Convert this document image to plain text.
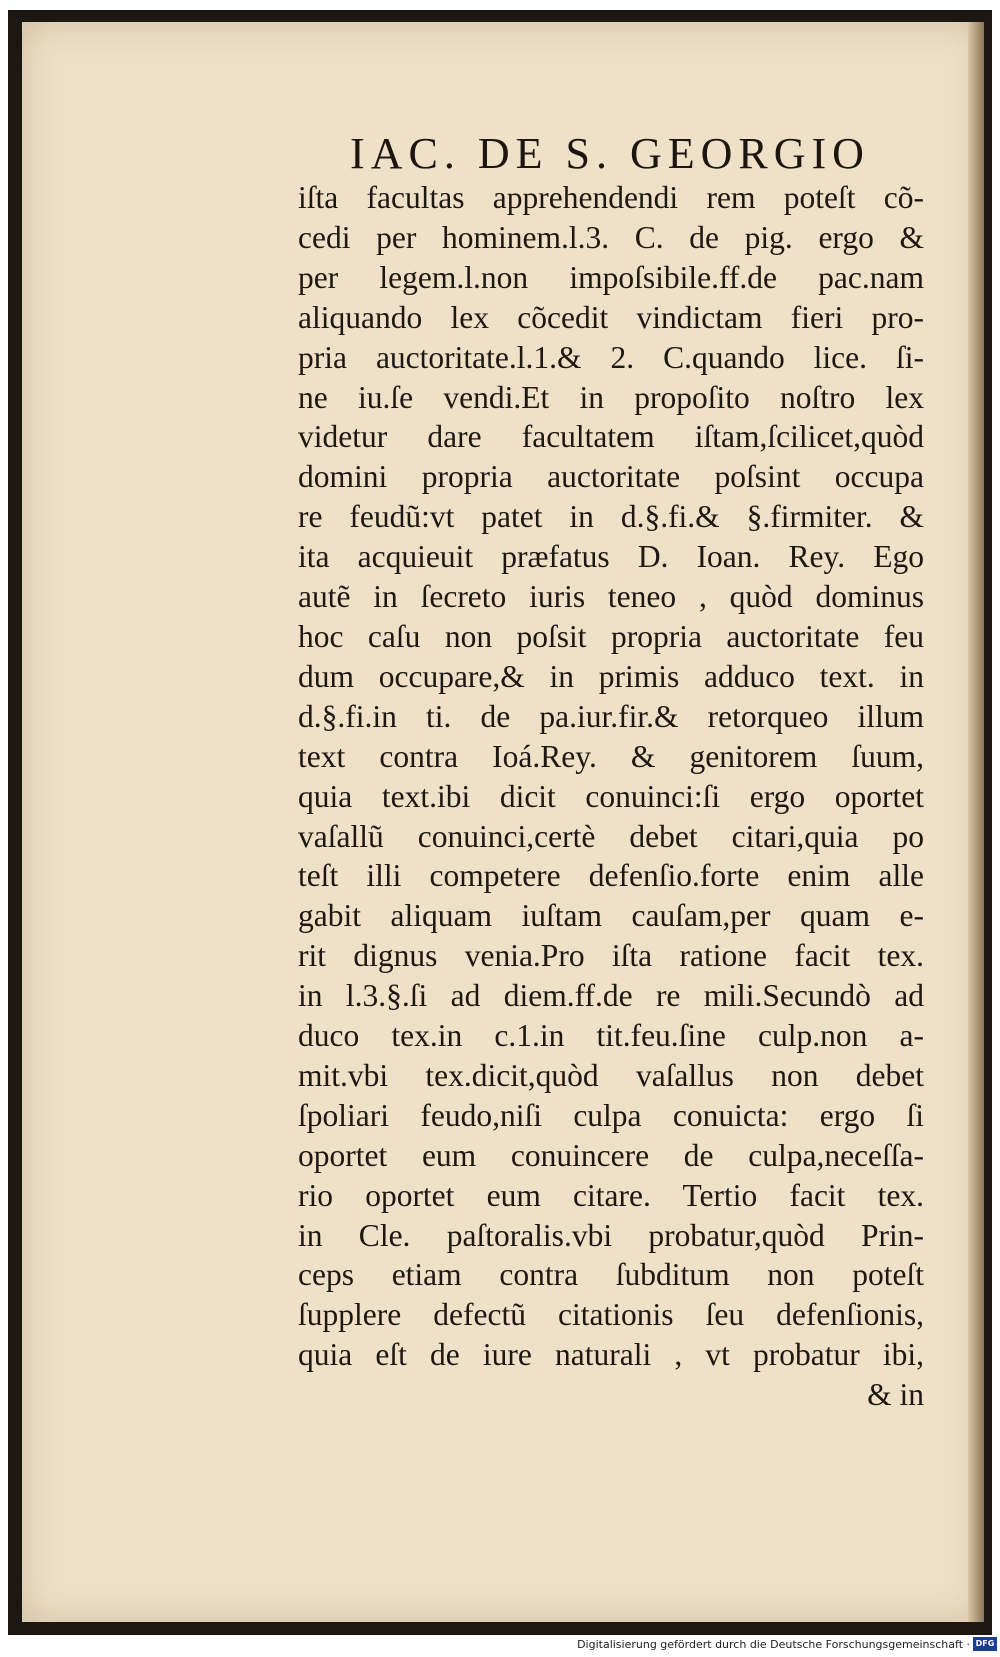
IAC. DE S. GEORGIO
iſta facultas apprehendendi rem poteſt cõ-
cedi per hominem.l.3. C. de pig. ergo &
per legem.l.non impoſsibile.ff.de pac.nam
aliquando lex cõcedit vindictam fieri pro-
pria auctoritate.l.1.& 2. C.quando lice. ſi-
ne iu.ſe vendi.Et in propoſito noſtro lex
videtur dare facultatem iſtam,ſcilicet,quòd
domini propria auctoritate poſsint occupa
re feudũ:vt patet in d.§.fi.& §.firmiter. &
ita acquieuit præfatus D. Ioan. Rey. Ego
autẽ in ſecreto iuris teneo , quòd dominus
hoc caſu non poſsit propria auctoritate feu
dum occupare,& in primis adduco text. in
d.§.fi.in ti. de pa.iur.fir.& retorqueo illum
text contra Ioá.Rey. & genitorem ſuum,
quia text.ibi dicit conuinci:ſi ergo oportet
vaſallũ conuinci,certè debet citari,quia po
teſt illi competere defenſio.forte enim alle
gabit aliquam iuſtam cauſam,per quam e-
rit dignus venia.Pro iſta ratione facit tex.
in l.3.§.ſi ad diem.ff.de re mili.Secundò ad
duco tex.in c.1.in tit.feu.ſine culp.non a-
mit.vbi tex.dicit,quòd vaſallus non debet
ſpoliari feudo,niſi culpa conuicta: ergo ſi
oportet eum conuincere de culpa,neceſſa-
rio oportet eum citare. Tertio facit tex.
in Cle. paſtoralis.vbi probatur,quòd Prin-
ceps etiam contra ſubditum non poteſt
ſupplere defectũ citationis ſeu defenſionis,
quia eſt de iure naturali , vt probatur ibi,
& in
Digitalisierung gefördert durch die Deutsche Forschungsgemeinschaft · DFG
